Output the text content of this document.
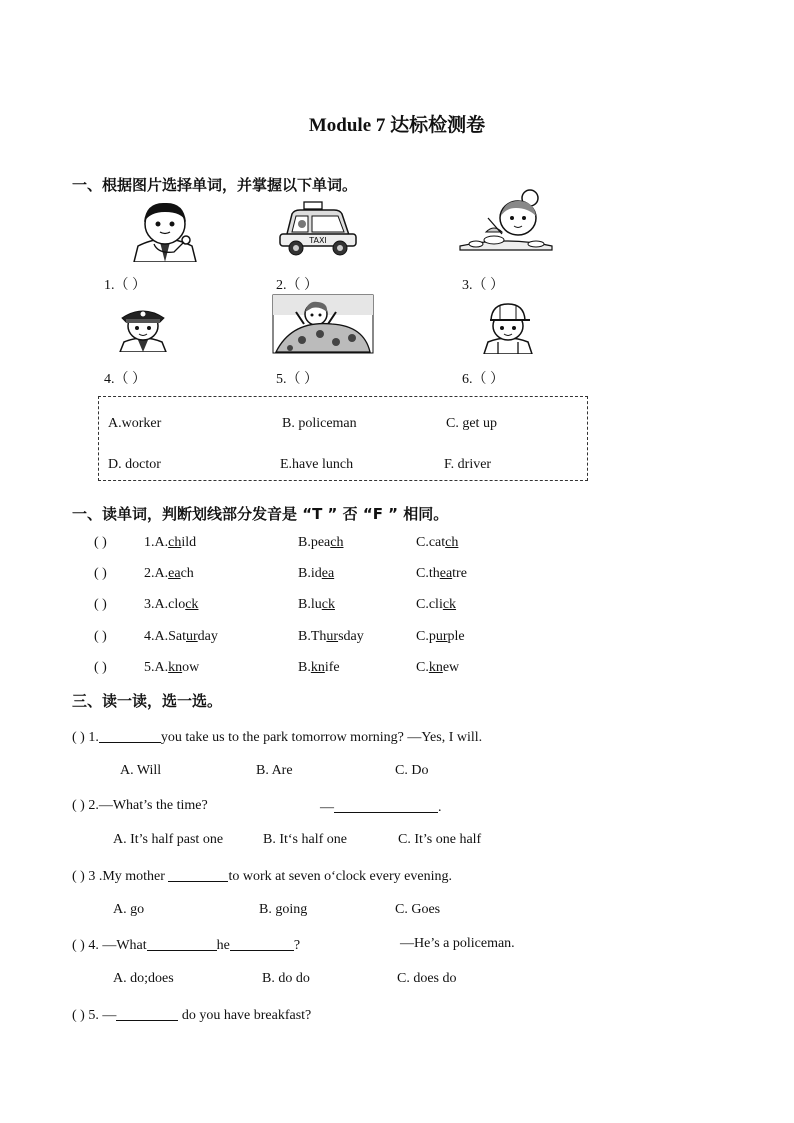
Module 7 达标检测卷
一、根据图片选择单词，并掌握以下单词。
TAXI
1.（ ）	2.（ ）	3.（ ）
4.（ ）	5.（ ）	6.（ ）
A.worker	B. policeman	C. get up
D. doctor	E.have lunch	F. driver
一、读单词，判断划线部分发音是 “T ” 否 “F ” 相同。
( )	1.A.child	B.peach	C.catch
( )	2.A.each	B.idea	C.theatre
( )	3.A.clock	B.luck	C.click
( )	4.A.Saturday	B.Thursday	C.purple
( )	5.A.know	B.knife	C.knew
三、读一读，选一选。
( ) 1.	you take us to the park tomorrow morning? —Yes, I will.
A. Will	B. Are	C. Do
( ) 2.—What’s the time?	—	.
A. It’s half past one	B. It‘s half one	C. It’s one half
( ) 3 .My mother	to work at seven o‘clock every evening.
A. go	B. going	C. Goes
( ) 4. —What	he	?	—He’s a policeman.
A. do;does	B. do do	C. does do
( ) 5. —	do you have breakfast?
